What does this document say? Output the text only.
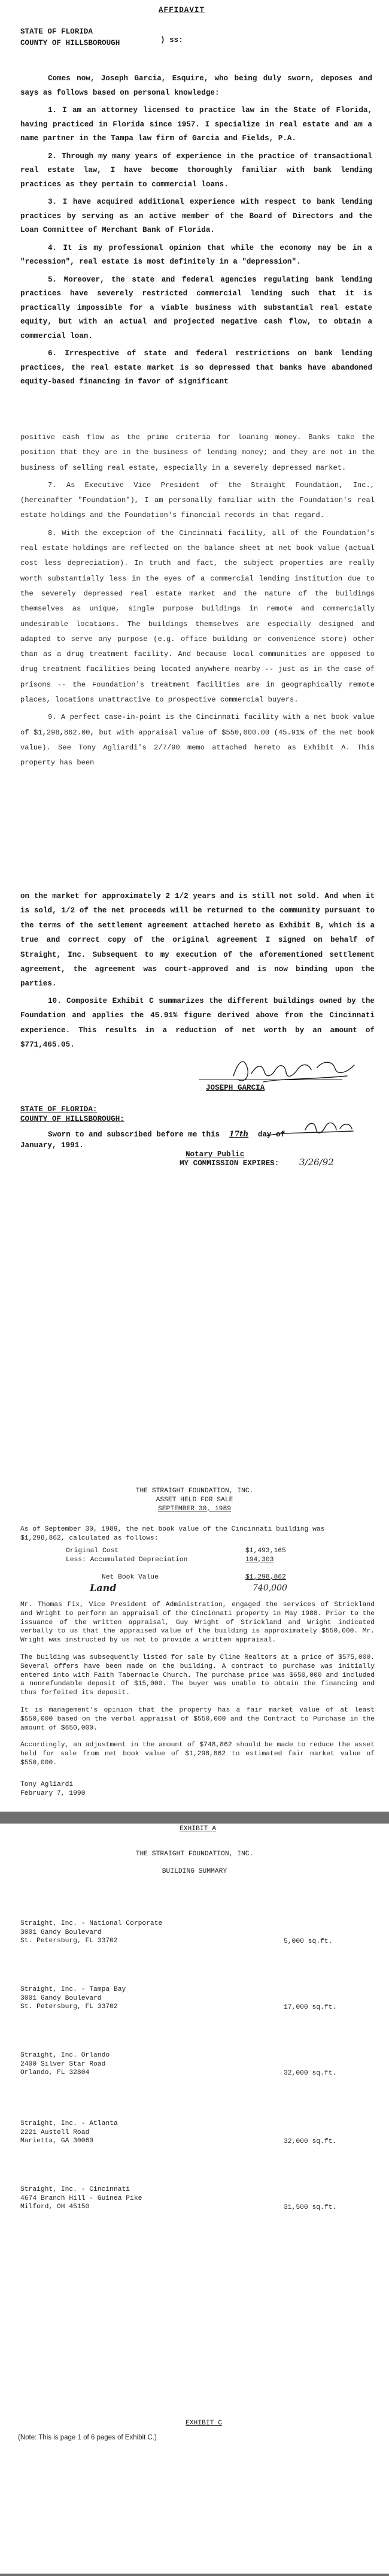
AFFIDAVIT
STATE OF FLORIDA
COUNTY OF HILLSBOROUGH	) ss:

Comes now, Joseph Garcia, Esquire, who being duly sworn, deposes and says as follows based on personal knowledge:

1. I am an attorney licensed to practice law in the State of Florida, having practiced in Florida since 1957. I specialize in real estate and am a name partner in the Tampa law firm of Garcia and Fields, P.A.

2. Through my many years of experience in the practice of transactional real estate law, I have become thoroughly familiar with bank lending practices as they pertain to commercial loans.

3. I have acquired additional experience with respect to bank lending practices by serving as an active member of the Board of Directors and the Loan Committee of Merchant Bank of Florida.

4. It is my professional opinion that while the economy may be in a "recession", real estate is most definitely in a "depression".

5. Moreover, the state and federal agencies regulating bank lending practices have severely restricted commercial lending such that it is practically impossible for a viable business with substantial real estate equity, but with an actual and projected negative cash flow, to obtain a commercial loan.

6. Irrespective of state and federal restrictions on bank lending practices, the real estate market is so depressed that banks have abandoned equity-based financing in favor of significant

positive cash flow as the prime criteria for loaning money. Banks take the position that they are in the business of lending money; and they are not in the business of selling real estate, especially in a severely depressed market.

7. As Executive Vice President of the Straight Foundation, Inc., (hereinafter "Foundation"), I am personally familiar with the Foundation's real estate holdings and the Foundation's financial records in that regard.

8. With the exception of the Cincinnati facility, all of the Foundation's real estate holdings are reflected on the balance sheet at net book value (actual cost less depreciation). In truth and fact, the subject properties are really worth substantially less in the eyes of a commercial lending institution due to the severely depressed real estate market and the nature of the buildings themselves as unique, single purpose buildings in remote and commercially undesirable locations. The buildings themselves are especially designed and adapted to serve any purpose (e.g. office building or convenience store) other than as a drug treatment facility. And because local communities are opposed to drug treatment facilities being located anywhere nearby -- just as in the case of prisons -- the Foundation's treatment facilities are in geographically remote places, locations unattractive to prospective commercial buyers.

9. A perfect case-in-point is the Cincinnati facility with a net book value of $1,298,862.00, but with appraisal value of $550,000.00 (45.91% of the net book value). See Tony Agliardi's 2/7/90 memo attached hereto as Exhibit A. This property has been

on the market for approximately 2 1/2 years and is still not sold. And when it is sold, 1/2 of the net proceeds will be returned to the community pursuant to the terms of the settlement agreement attached hereto as Exhibit B, which is a true and correct copy of the original agreement I signed on behalf of Straight, Inc. Subsequent to my execution of the aforementioned settlement agreement, the agreement was court-approved and is now binding upon the parties.

10. Composite Exhibit C summarizes the different buildings owned by the Foundation and applies the 45.91% figure derived above from the Cincinnati experience. This results in a reduction of net worth by an amount of $771,465.05.

JOSEPH GARCIA
STATE OF FLORIDA:
COUNTY OF HILLSBOROUGH:
Sworn to and subscribed before me this 17th day of
January, 1991.
Notary Public
MY COMMISSION EXPIRES: 3/26/92
THE STRAIGHT FOUNDATION, INC.
ASSET HELD FOR SALE
SEPTEMBER 30, 1989
As of September 30, 1989, the net book value of the Cincinnati building was $1,298,862, calculated as follows:
Original Cost	$1,493,165
Less: Accumulated Depreciation	194,303
Net Book Value	$1,298,862
Land	740,000

Mr. Thomas Fix, Vice President of Administration, engaged the services of Strickland and Wright to perform an appraisal of the Cincinnati property in May 1988. Prior to the issuance of the written appraisal, Guy Wright of Strickland and Wright indicated verbally to us that the appraised value of the building is approximately $550,000. Mr. Wright was instructed by us not to provide a written appraisal.

The building was subsequently listed for sale by Cline Realtors at a price of $575,000. Several offers have been made on the building. A contract to purchase was initially entered into with Faith Tabernacle Church. The purchase price was $650,000 and included a nonrefundable deposit of $15,000. The buyer was unable to obtain the financing and thus forfeited its deposit.

It is management's opinion that the property has a fair market value of at least $550,000 based on the verbal appraisal of $550,000 and the Contract to Purchase in the amount of $650,000.

Accordingly, an adjustment in the amount of $748,862 should be made to reduce the asset held for sale from net book value of $1,298,862 to estimated fair market value of $550,000.

Tony Agliardi
February 7, 1990
EXHIBIT A
THE STRAIGHT FOUNDATION, INC.
BUILDING SUMMARY
Straight, Inc. - National Corporate
3001 Gandy Boulevard
St. Petersburg, FL 33702	5,000 sq.ft.
Straight, Inc. - Tampa Bay
3001 Gandy Boulevard
St. Petersburg, FL 33702	17,000 sq.ft.
Straight, Inc. Orlando
2400 Silver Star Road
Orlando, FL 32804	32,000 sq.ft.
Straight, Inc. - Atlanta
2221 Austell Road
Marietta, GA 30060	32,000 sq.ft.
Straight, Inc. - Cincinnati
4674 Branch Hill - Guinea Pike
Milford, OH 45150	31,500 sq.ft.
EXHIBIT C
(Note: This is page 1 of 6 pages of Exhibit C.)
